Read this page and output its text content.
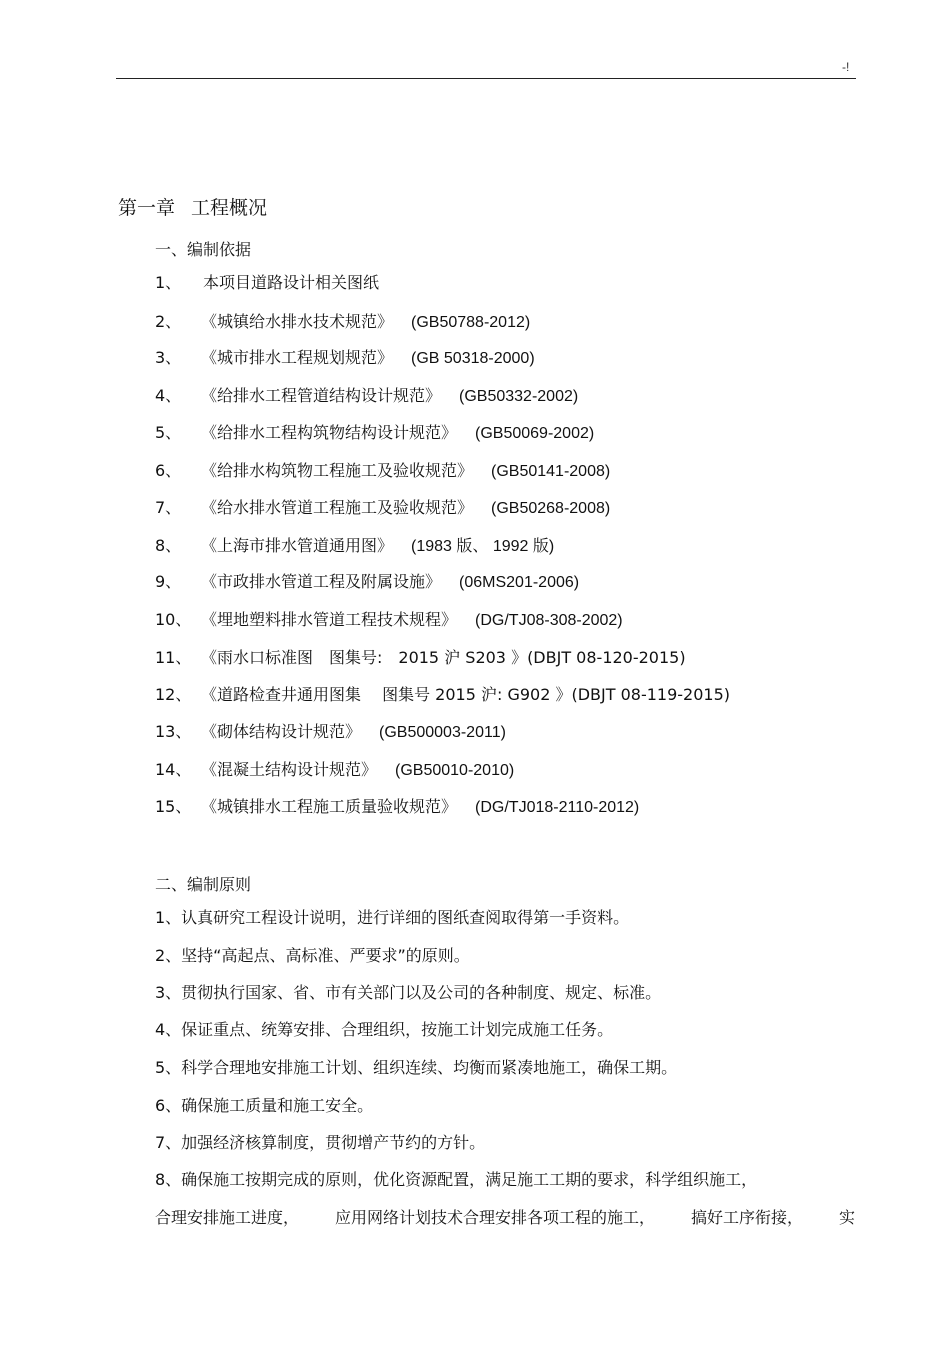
-!
第一章 工程概况
一、编制依据
1、 本项目道路设计相关图纸
2、 《城镇给水排水技术规范》 (GB50788-2012)
3、 《城市排水工程规划规范》 (GB 50318-2000)
4、 《给排水工程管道结构设计规范》 (GB50332-2002)
5、 《给排水工程构筑物结构设计规范》 (GB50069-2002)
6、 《给排水构筑物工程施工及验收规范》 (GB50141-2008)
7、 《给水排水管道工程施工及验收规范》 (GB50268-2008)
8、 《上海市排水管道通用图》 (1983 版、 1992 版)
9、 《市政排水管道工程及附属设施》 (06MS201-2006)
10、 《埋地塑料排水管道工程技术规程》 (DG/TJ08-308-2002)
11、 《雨水口标准图　图集号:　2015 沪 S203 》(DBJT 08-120-2015)
12、 《道路检查井通用图集　 图集号 2015 沪: G902 》(DBJT 08-119-2015)
13、 《砌体结构设计规范》 (GB500003-2011)
14、 《混凝土结构设计规范》 (GB50010-2010)
15、 《城镇排水工程施工质量验收规范》 (DG/TJ018-2110-2012)
二、编制原则
1、认真研究工程设计说明，进行详细的图纸查阅取得第一手资料。
2、坚持“高起点、高标准、严要求”的原则。
3、贯彻执行国家、省、市有关部门以及公司的各种制度、规定、标准。
4、保证重点、统筹安排、合理组织，按施工计划完成施工任务。
5、科学合理地安排施工计划、组织连续、均衡而紧凑地施工，确保工期。
6、确保施工质量和施工安全。
7、加强经济核算制度，贯彻增产节约的方针。
8、确保施工按期完成的原则，优化资源配置，满足施工工期的要求，科学组织施工，
合理安排施工进度， 应用网络计划技术合理安排各项工程的施工， 搞好工序衔接， 实
